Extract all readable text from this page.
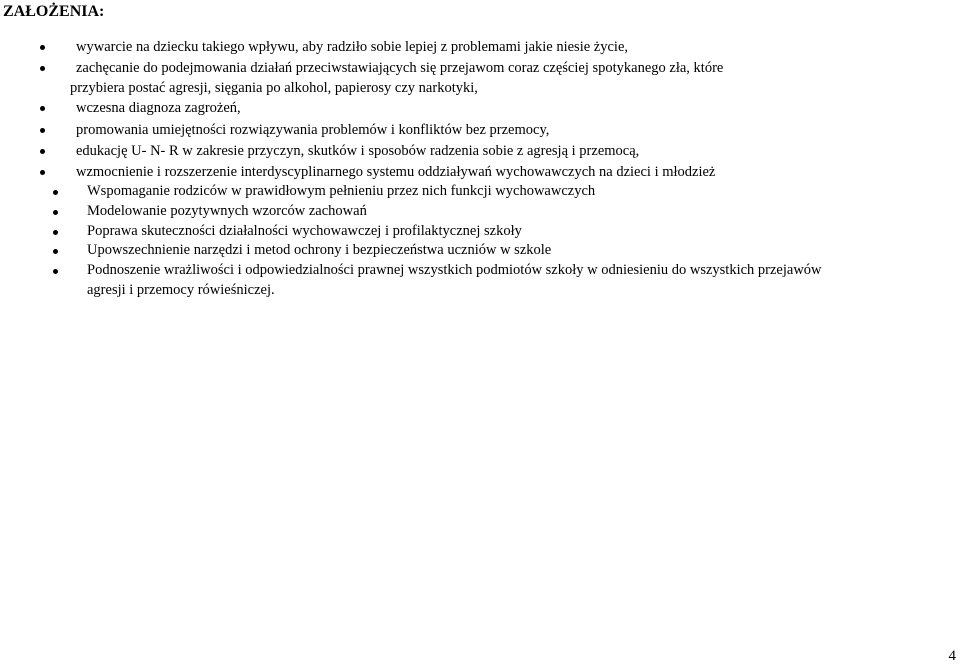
ZAŁOŻENIA:
wywarcie na dziecku takiego wpływu, aby radziło sobie lepiej z problemami jakie niesie życie,
zachęcanie do podejmowania działań przeciwstawiających się przejawom coraz częściej spotykanego zła, które
przybiera postać agresji, sięgania po alkohol, papierosy czy narkotyki,
wczesna diagnoza zagrożeń,
promowania umiejętności rozwiązywania problemów i konfliktów bez przemocy,
edukację U- N- R w zakresie przyczyn, skutków i sposobów radzenia sobie z agresją i przemocą,
wzmocnienie i rozszerzenie interdyscyplinarnego systemu oddziaływań wychowawczych na dzieci i młodzież
Wspomaganie rodziców w prawidłowym pełnieniu przez nich funkcji wychowawczych
Modelowanie pozytywnych wzorców zachowań
Poprawa skuteczności działalności wychowawczej i profilaktycznej szkoły
Upowszechnienie narzędzi i metod ochrony i bezpieczeństwa uczniów w szkole
Podnoszenie wrażliwości i odpowiedzialności prawnej wszystkich podmiotów szkoły w odniesieniu do wszystkich przejawów
agresji i przemocy rówieśniczej.
4
